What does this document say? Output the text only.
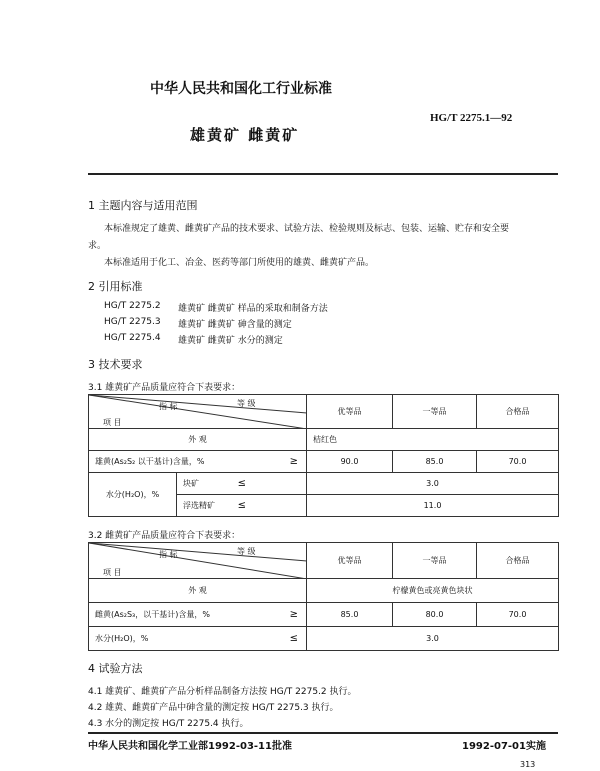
中华人民共和国化工行业标准
HG/T 2275.1—92
雄黄矿 雌黄矿
1 主题内容与适用范围
本标准规定了雄黄、雌黄矿产品的技术要求、试验方法、检验规则及标志、包装、运输、贮存和安全要
求。
本标准适用于化工、冶金、医药等部门所使用的雄黄、雌黄矿产品。
2 引用标准
HG/T 2275.2 雄黄矿 雌黄矿 样品的采取和制备方法
HG/T 2275.3 雄黄矿 雌黄矿 砷含量的测定
HG/T 2275.4 雄黄矿 雌黄矿 水分的测定
3 技术要求
3.1 雄黄矿产品质量应符合下表要求：
指 标 等 级
项 目		优等品	一等品	合格品
外 观		桔红色		
雄黄(As₂S₂ 以干基计)含量，% ≥		90.0	85.0	70.0
水分(H₂O)，%	块矿 ≤	3.0		
	浮选精矿 ≤	11.0		
3.2 雌黄矿产品质量应符合下表要求：
指 标 等 级
项 目	优等品	一等品	合格品
外 观	柠檬黄色或亮黄色块状		
雌黄(As₂S₃，以干基计)含量，% ≥	85.0	80.0	70.0
水分(H₂O)，% ≤	3.0		
4 试验方法
4.1 雄黄矿、雌黄矿产品分析样品制备方法按 HG/T 2275.2 执行。
4.2 雄黄、雌黄矿产品中砷含量的测定按 HG/T 2275.3 执行。
4.3 水分的测定按 HG/T 2275.4 执行。
中华人民共和国化学工业部1992-03-11批准	1992-07-01实施
313
